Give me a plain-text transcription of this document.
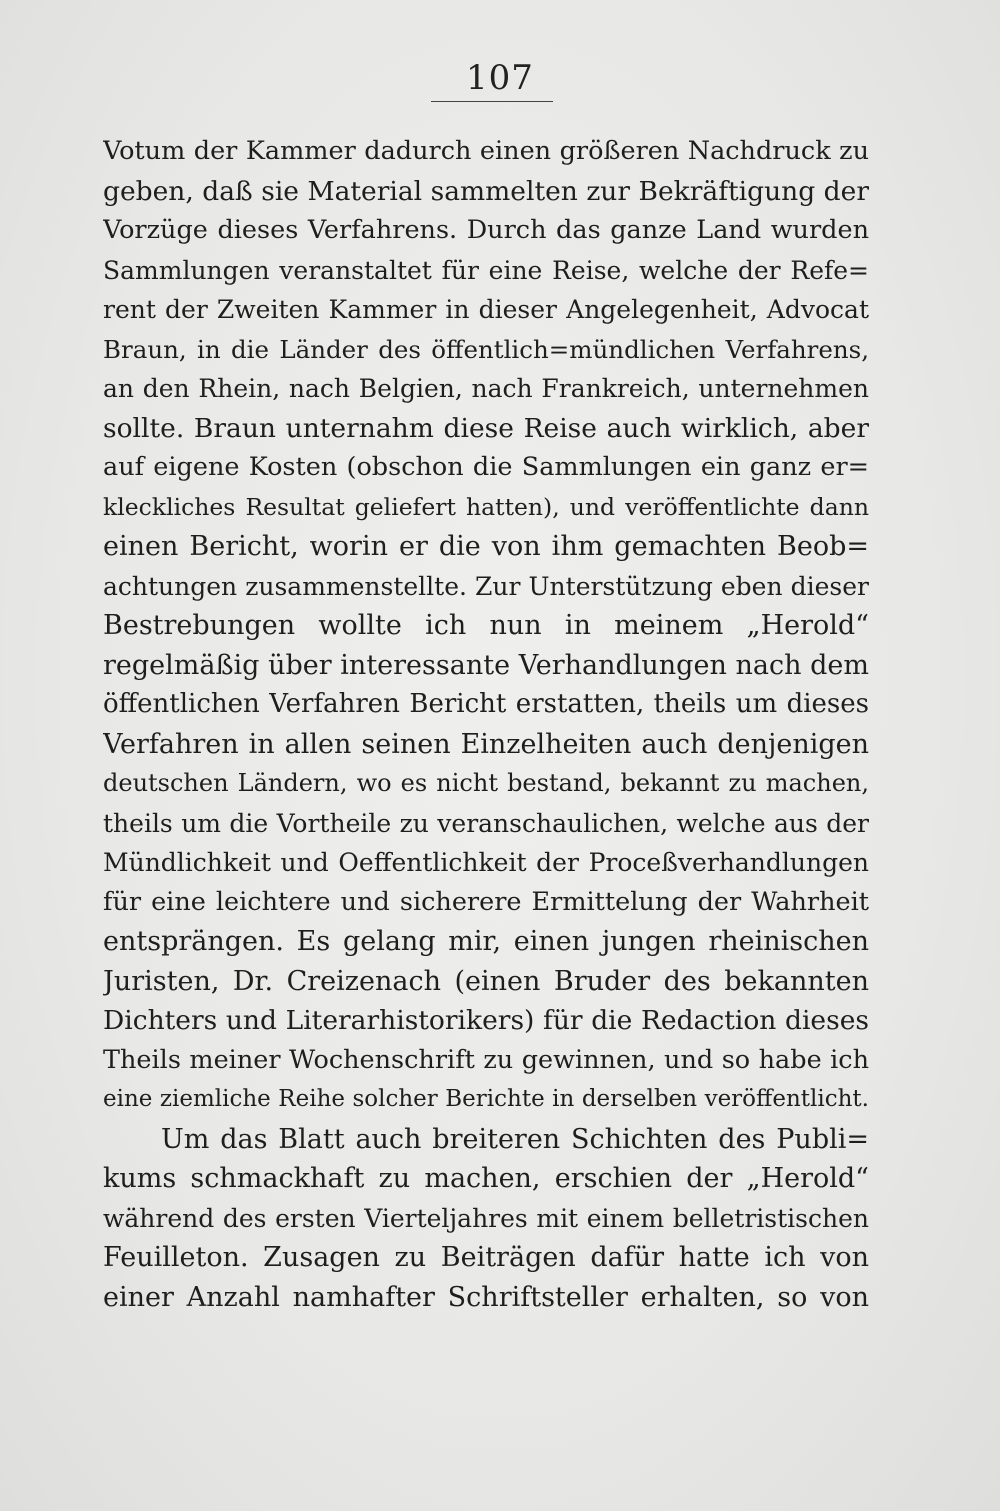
107
Votum der Kammer dadurch einen größeren Nachdruck zu
geben, daß sie Material sammelten zur Bekräftigung der
Vorzüge dieses Verfahrens. Durch das ganze Land wurden
Sammlungen veranstaltet für eine Reise, welche der Refe=
rent der Zweiten Kammer in dieser Angelegenheit, Advocat
Braun, in die Länder des öffentlich=mündlichen Verfahrens,
an den Rhein, nach Belgien, nach Frankreich, unternehmen
sollte. Braun unternahm diese Reise auch wirklich, aber
auf eigene Kosten (obschon die Sammlungen ein ganz er=
kleckliches Resultat geliefert hatten), und veröffentlichte dann
einen Bericht, worin er die von ihm gemachten Beob=
achtungen zusammenstellte. Zur Unterstützung eben dieser
Bestrebungen wollte ich nun in meinem „Herold“
regelmäßig über interessante Verhandlungen nach dem
öffentlichen Verfahren Bericht erstatten, theils um dieses
Verfahren in allen seinen Einzelheiten auch denjenigen
deutschen Ländern, wo es nicht bestand, bekannt zu machen,
theils um die Vortheile zu veranschaulichen, welche aus der
Mündlichkeit und Oeffentlichkeit der Proceßverhandlungen
für eine leichtere und sicherere Ermittelung der Wahrheit
entsprängen. Es gelang mir, einen jungen rheinischen
Juristen, Dr. Creizenach (einen Bruder des bekannten
Dichters und Literarhistorikers) für die Redaction dieses
Theils meiner Wochenschrift zu gewinnen, und so habe ich
eine ziemliche Reihe solcher Berichte in derselben veröffentlicht.
Um das Blatt auch breiteren Schichten des Publi=
kums schmackhaft zu machen, erschien der „Herold“
während des ersten Vierteljahres mit einem belletristischen
Feuilleton. Zusagen zu Beiträgen dafür hatte ich von
einer Anzahl namhafter Schriftsteller erhalten, so von
